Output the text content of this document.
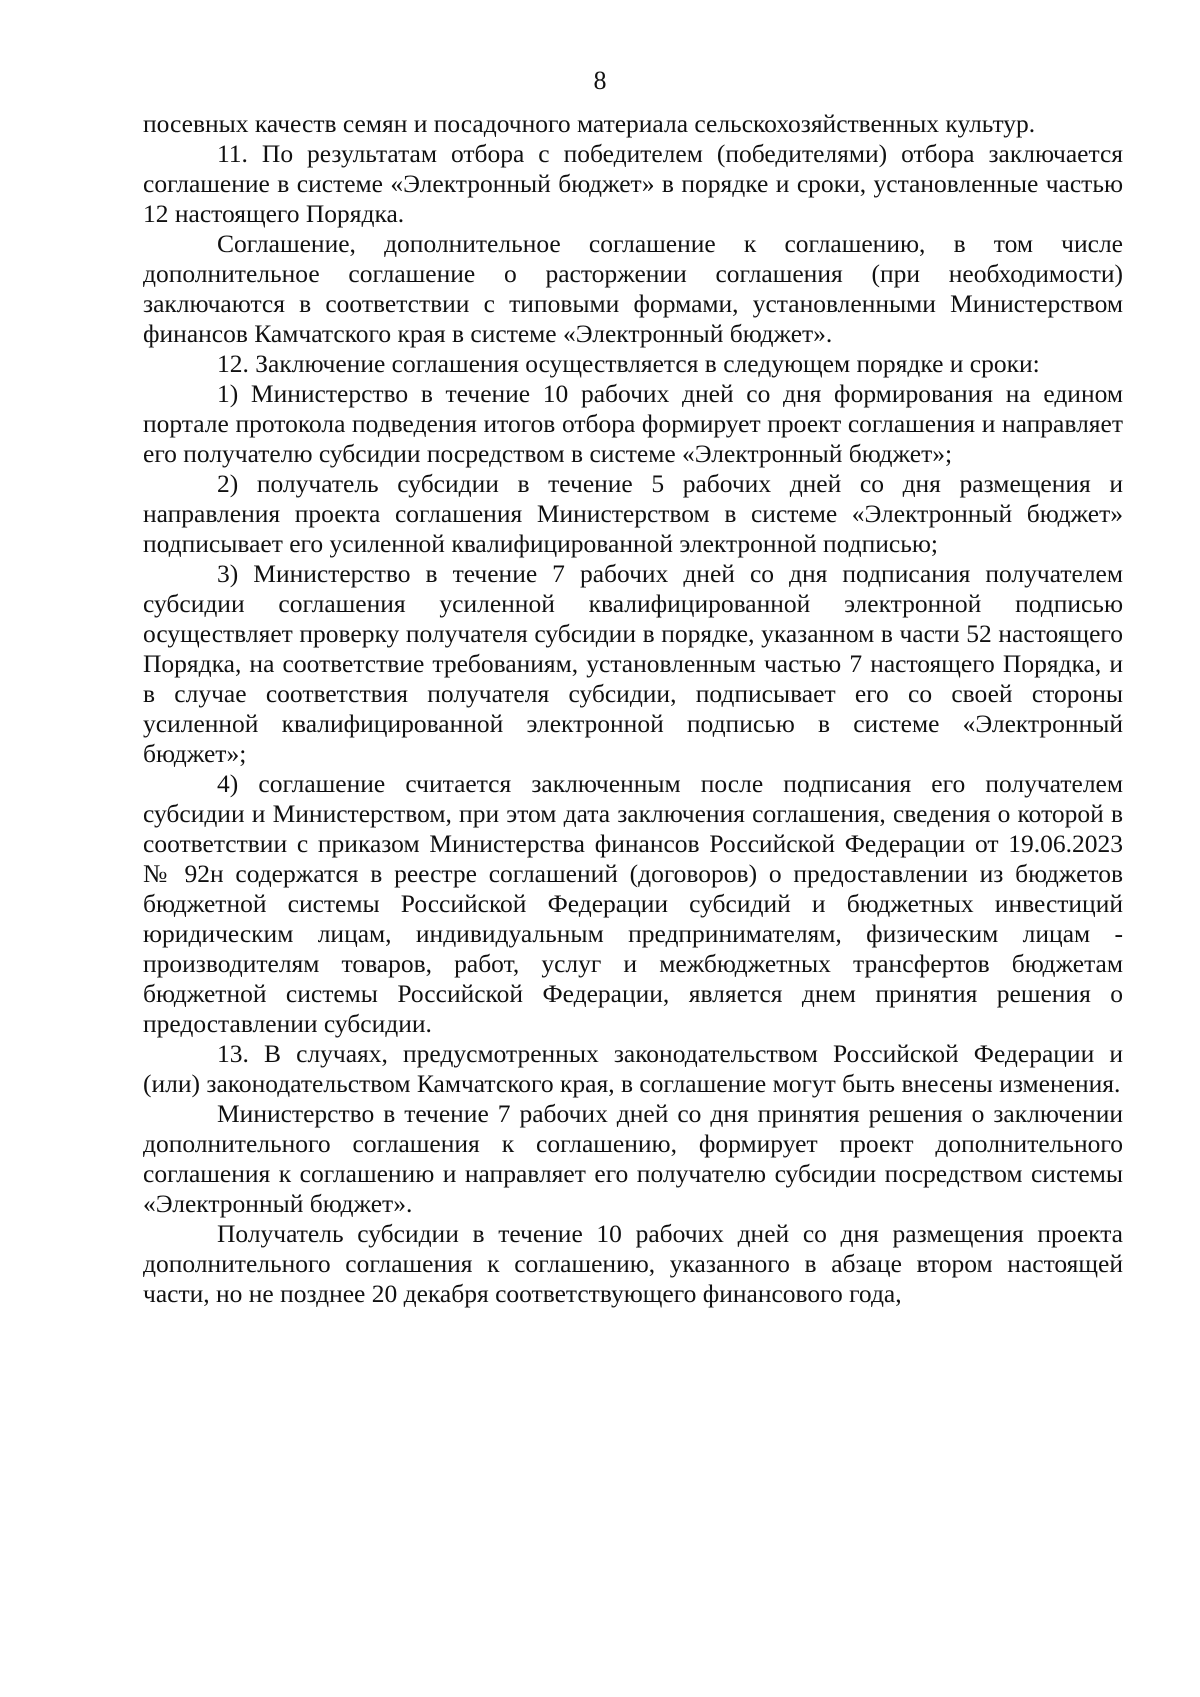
8

посевных качеств семян и посадочного материала сельскохозяйственных культур.

11. По результатам отбора с победителем (победителями) отбора заключается соглашение в системе «Электронный бюджет» в порядке и сроки, установленные частью 12 настоящего Порядка.

Соглашение, дополнительное соглашение к соглашению, в том числе дополнительное соглашение о расторжении соглашения (при необходимости) заключаются в соответствии с типовыми формами, установленными Министерством финансов Камчатского края в системе «Электронный бюджет».

12. Заключение соглашения осуществляется в следующем порядке и сроки:

1) Министерство в течение 10 рабочих дней со дня формирования на едином портале протокола подведения итогов отбора формирует проект соглашения и направляет его получателю субсидии посредством в системе «Электронный бюджет»;

2) получатель субсидии в течение 5 рабочих дней со дня размещения и направления проекта соглашения Министерством в системе «Электронный бюджет» подписывает его усиленной квалифицированной электронной подписью;

3) Министерство в течение 7 рабочих дней со дня подписания получателем субсидии соглашения усиленной квалифицированной электронной подписью осуществляет проверку получателя субсидии в порядке, указанном в части 52 настоящего Порядка, на соответствие требованиям, установленным частью 7 настоящего Порядка, и в случае соответствия получателя субсидии, подписывает его со своей стороны усиленной квалифицированной электронной подписью в системе «Электронный бюджет»;

4) соглашение считается заключенным после подписания его получателем субсидии и Министерством, при этом дата заключения соглашения, сведения о которой в соответствии с приказом Министерства финансов Российской Федерации от 19.06.2023 № 92н содержатся в реестре соглашений (договоров) о предоставлении из бюджетов бюджетной системы Российской Федерации субсидий и бюджетных инвестиций юридическим лицам, индивидуальным предпринимателям, физическим лицам - производителям товаров, работ, услуг и межбюджетных трансфертов бюджетам бюджетной системы Российской Федерации, является днем принятия решения о предоставлении субсидии.

13. В случаях, предусмотренных законодательством Российской Федерации и (или) законодательством Камчатского края, в соглашение могут быть внесены изменения.

Министерство в течение 7 рабочих дней со дня принятия решения о заключении дополнительного соглашения к соглашению, формирует проект дополнительного соглашения к соглашению и направляет его получателю субсидии посредством системы «Электронный бюджет».

Получатель субсидии в течение 10 рабочих дней со дня размещения проекта дополнительного соглашения к соглашению, указанного в абзаце втором настоящей части, но не позднее 20 декабря соответствующего финансового года,
